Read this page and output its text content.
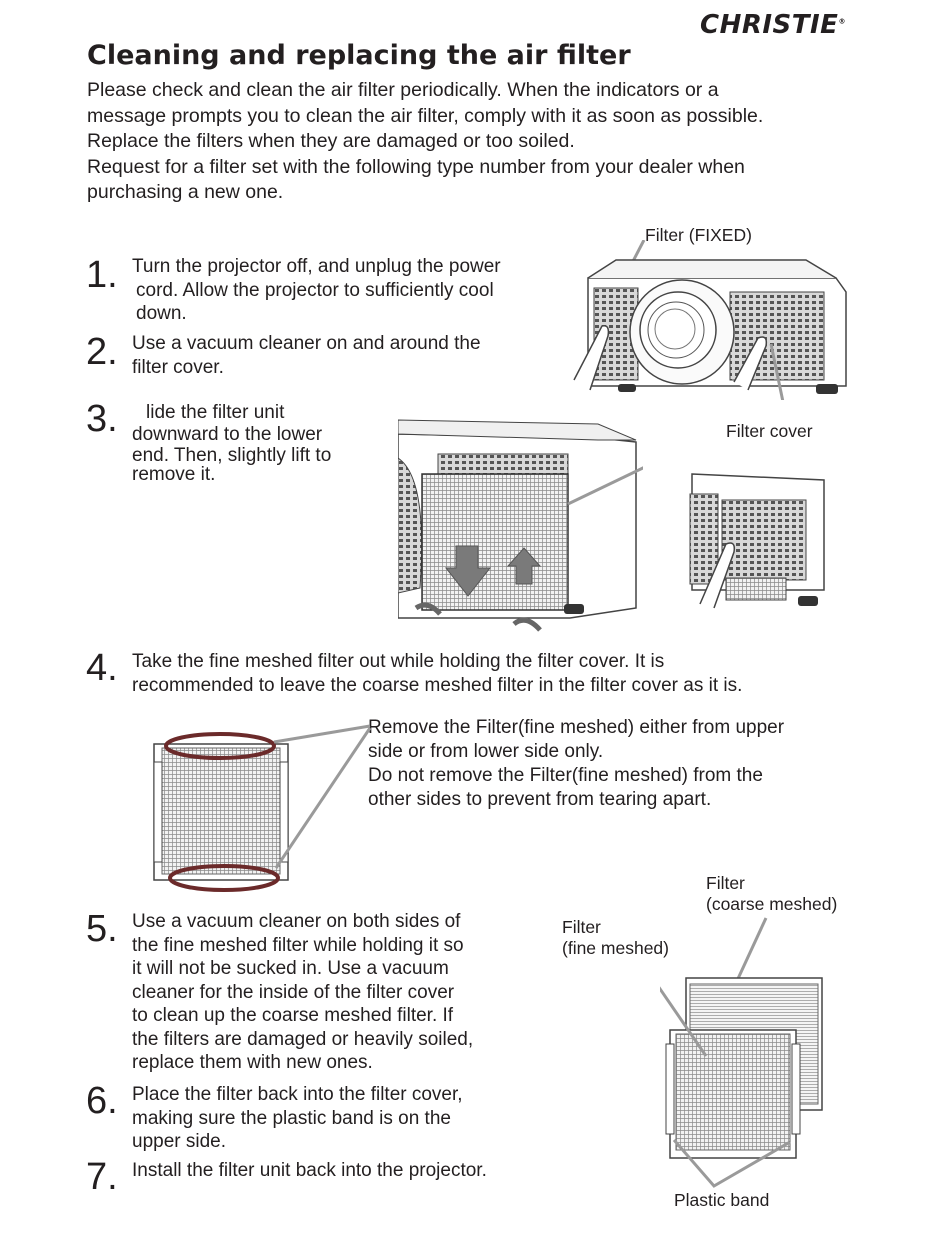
CHRISTIE®
Cleaning and replacing the air filter
Please check and clean the air filter periodically. When the indicators or a
message prompts you to clean the air filter, comply with it as soon as possible.
Replace the filters when they are damaged or too soiled.
Request for a filter set with the following type number from your dealer when
purchasing a new one.
1. Turn the projector off, and unplug the power
cord. Allow the projector to sufficiently cool
down.
2. Use a vacuum cleaner on and around the
filter cover.
3.	lide the filter unit
downward to the lower
end. Then, slightly lift to
remove it.
4. Take the fine meshed filter out while holding the filter cover. It is
recommended to leave the coarse meshed filter in the filter cover as it is.
Remove the Filter(fine meshed) either from upper
side or from lower side only.
Do not remove the Filter(fine meshed) from the
other sides to prevent from tearing apart.
5. Use a vacuum cleaner on both sides of
the fine meshed filter while holding it so
it will not be sucked in. Use a vacuum
cleaner for the inside of the filter cover
to clean up the coarse meshed filter. If
the filters are damaged or heavily soiled,
replace them with new ones.
6. Place the filter back into the filter cover,
making sure the plastic band is on the
upper side.
7. Install the filter unit back into the projector.
Filter (FIXED)
Filter cover
Filter
(coarse meshed)
Filter
(fine meshed)
Plastic band
